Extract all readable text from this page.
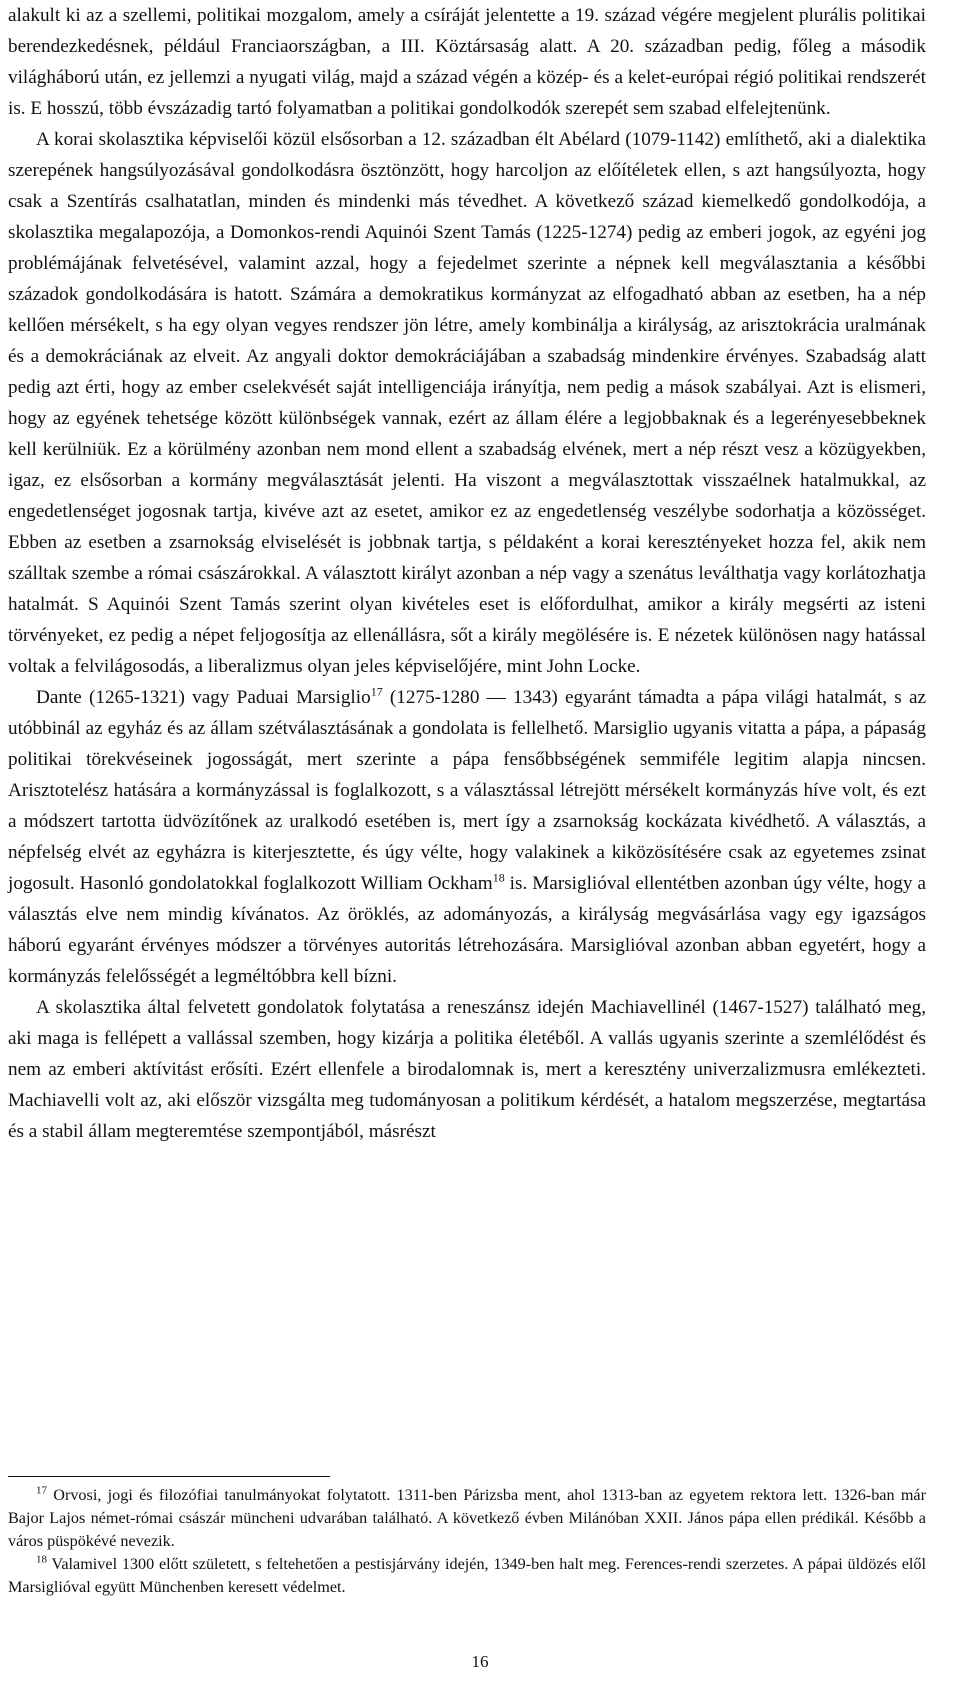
alakult ki az a szellemi, politikai mozgalom, amely a csíráját jelentette a 19. század végére megjelent plurális politikai berendezkedésnek, például Franciaországban, a III. Köztársaság alatt. A 20. században pedig, főleg a második világháború után, ez jellemzi a nyugati világ, majd a század végén a közép- és a kelet-európai régió politikai rendszerét is. E hosszú, több évszázadig tartó folyamatban a politikai gondolkodók szerepét sem szabad elfelejtenünk.

A korai skolasztika képviselői közül elsősorban a 12. században élt Abélard (1079-1142) említhető, aki a dialektika szerepének hangsúlyozásával gondolkodásra ösztönzött, hogy harcoljon az előítéletek ellen, s azt hangsúlyozta, hogy csak a Szentírás csalhatatlan, minden és mindenki más tévedhet. A következő század kiemelkedő gondolkodója, a skolasztika megalapozója, a Domonkos-rendi Aquinói Szent Tamás (1225-1274) pedig az emberi jogok, az egyéni jog problémájának felvetésével, valamint azzal, hogy a fejedelmet szerinte a népnek kell megválasztania a későbbi századok gondolkodására is hatott. Számára a demokratikus kormányzat az elfogadható abban az esetben, ha a nép kellően mérsékelt, s ha egy olyan vegyes rendszer jön létre, amely kombinálja a királyság, az arisztokrácia uralmának és a demokráciának az elveit. Az angyali doktor demokráciájában a szabadság mindenkire érvényes. Szabadság alatt pedig azt érti, hogy az ember cselekvését saját intelligenciája irányítja, nem pedig a mások szabályai. Azt is elismeri, hogy az egyének tehetsége között különbségek vannak, ezért az állam élére a legjobbaknak és a legerényesebbeknek kell kerülniük. Ez a körülmény azonban nem mond ellent a szabadság elvének, mert a nép részt vesz a közügyekben, igaz, ez elsősorban a kormány megválasztását jelenti. Ha viszont a megválasztottak visszaélnek hatalmukkal, az engedetlenséget jogosnak tartja, kivéve azt az esetet, amikor ez az engedetlenség veszélybe sodorhatja a közösséget. Ebben az esetben a zsarnokság elviselését is jobbnak tartja, s példaként a korai keresztényeket hozza fel, akik nem szálltak szembe a római császárokkal. A választott királyt azonban a nép vagy a szenátus leválthatja vagy korlátozhatja hatalmát. S Aquinói Szent Tamás szerint olyan kivételes eset is előfordulhat, amikor a király megsérti az isteni törvényeket, ez pedig a népet feljogosítja az ellenállásra, sőt a király megölésére is. E nézetek különösen nagy hatással voltak a felvilágosodás, a liberalizmus olyan jeles képviselőjére, mint John Locke.

Dante (1265-1321) vagy Paduai Marsiglio$^{17}$ (1275-1280 — 1343) egyaránt támadta a pápa világi hatalmát, s az utóbbinál az egyház és az állam szétválasztásának a gondolata is fellelhető. Marsiglio ugyanis vitatta a pápa, a pápaság politikai törekvéseinek jogosságát, mert szerinte a pápa fensőbbségének semmiféle legitim alapja nincsen. Arisztotelész hatására a kormányzással is foglalkozott, s a választással létrejött mérsékelt kormányzás híve volt, és ezt a módszert tartotta üdvözítőnek az uralkodó esetében is, mert így a zsarnokság kockázata kivédhető. A választás, a népfelség elvét az egyházra is kiterjesztette, és úgy vélte, hogy valakinek a kiközösítésére csak az egyetemes zsinat jogosult. Hasonló gondolatokkal foglalkozott William Ockham$^{18}$ is. Marsiglióval ellentétben azonban úgy vélte, hogy a választás elve nem mindig kívánatos. Az öröklés, az adományozás, a királyság megvásárlása vagy egy igazságos háború egyaránt érvényes módszer a törvényes autoritás létrehozására. Marsiglióval azonban abban egyetért, hogy a kormányzás felelősségét a legméltóbbra kell bízni.

A skolasztika által felvetett gondolatok folytatása a reneszánsz idején Machiavellinél (1467-1527) található meg, aki maga is fellépett a vallással szemben, hogy kizárja a politika életéből. A vallás ugyanis szerinte a szemlélődést és nem az emberi aktívitást erősíti. Ezért ellenfele a birodalomnak is, mert a keresztény univerzalizmusra emlékezteti. Machiavelli volt az, aki először vizsgálta meg tudományosan a politikum kérdését, a hatalom megszerzése, megtartása és a stabil állam megteremtése szempontjából, másrészt

$^{17}$ Orvosi, jogi és filozófiai tanulmányokat folytatott. 1311-ben Párizsba ment, ahol 1313-ban az egyetem rektora lett. 1326-ban már Bajor Lajos német-római császár müncheni udvarában található. A következő évben Milánóban XXII. János pápa ellen prédikál. Később a város püspökévé nevezik.

$^{18}$ Valamivel 1300 előtt született, s feltehetően a pestisjárvány idején, 1349-ben halt meg. Ferences-rendi szerzetes. A pápai üldözés elől Marsiglióval együtt Münchenben keresett védelmet.

16
